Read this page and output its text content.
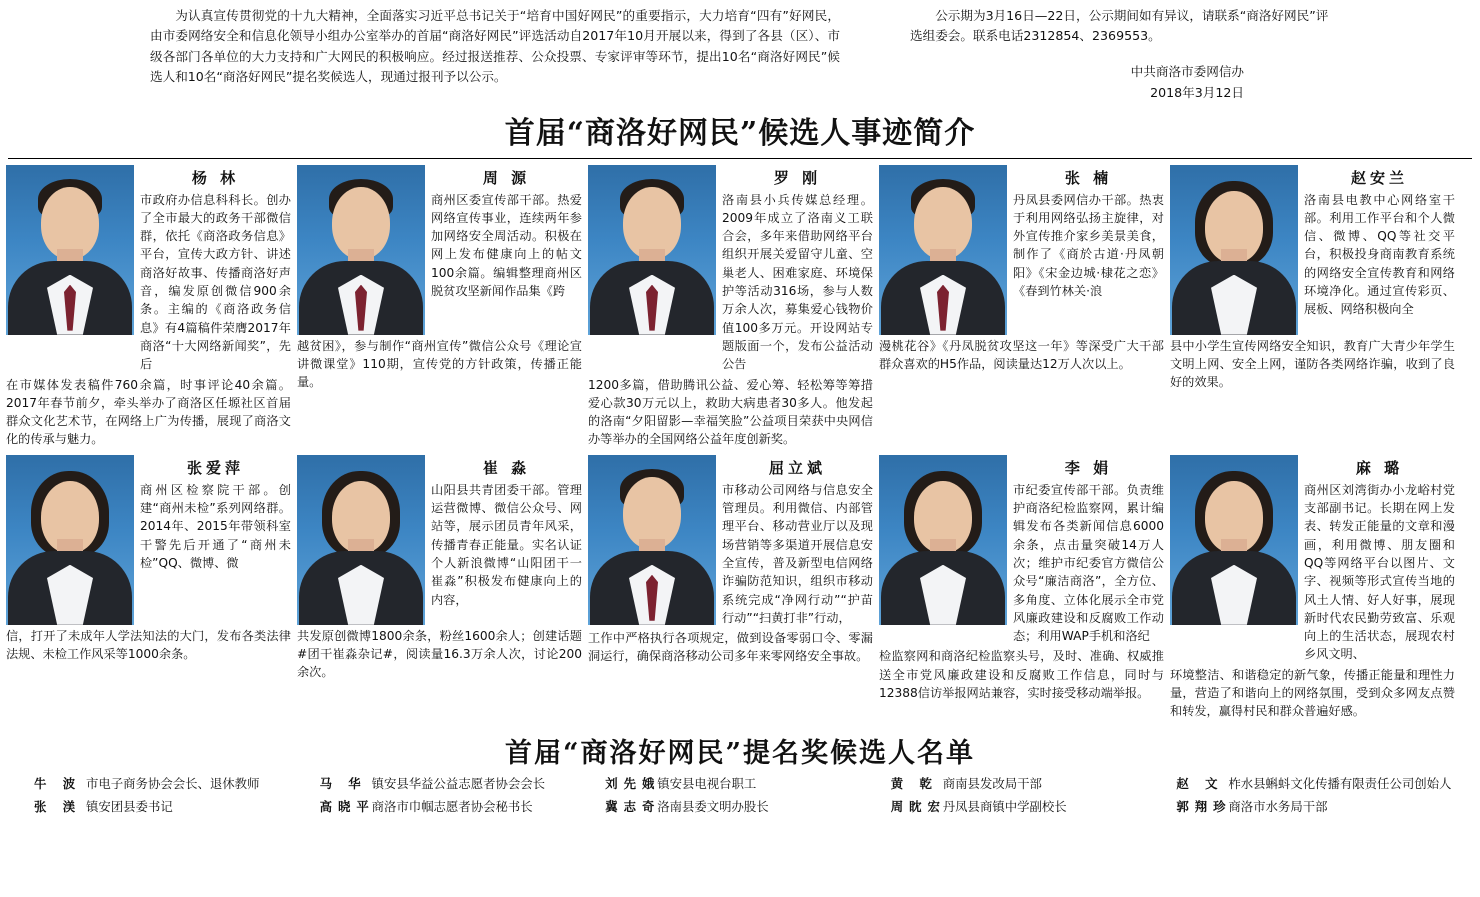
为认真宣传贯彻党的十九大精神，全面落实习近平总书记关于“培育中国好网民”的重要指示，大力培育“四有”好网民，由市委网络安全和信息化领导小组办公室举办的首届“商洛好网民”评选活动自2017年10月开展以来，得到了各县（区）、市级各部门各单位的大力支持和广大网民的积极响应。经过报送推荐、公众投票、专家评审等环节，提出10名“商洛好网民”候选人和10名“商洛好网民”提名奖候选人，现通过报刊予以公示。

公示期为3月16日—22日，公示期间如有异议，请联系“商洛好网民”评选组委会。联系电话2312854、2369553。

中共商洛市委网信办
2018年3月12日
首届“商洛好网民”候选人事迹简介
杨 林
市政府办信息科科长。创办了全市最大的政务干部微信群，依托《商洛政务信息》平台，宣传大政方针、讲述商洛好故事、传播商洛好声音，编发原创微信900余条。主编的《商洛政务信息》有4篇稿件荣膺2017年商洛“十大网络新闻奖”，先后
在市媒体发表稿件760余篇，时事评论40余篇。2017年春节前夕，牵头举办了商洛区任塬社区首届群众文化艺术节，在网络上广为传播，展现了商洛文化的传承与魅力。
周 源
商州区委宣传部干部。热爱网络宣传事业，连续两年参加网络安全周活动。积极在网上发布健康向上的帖文100余篇。编辑整理商州区脱贫攻坚新闻作品集《跨
越贫困》，参与制作“商州宣传”微信公众号《理论宣讲微课堂》110期，宣传党的方针政策，传播正能量。
罗 刚
洛南县小兵传媒总经理。2009年成立了洛南义工联合会，多年来借助网络平台组织开展关爱留守儿童、空巢老人、困难家庭、环境保护等活动316场，参与人数万余人次，募集爱心钱物价值100多万元。开设网站专题版面一个，发布公益活动公告
1200多篇，借助腾讯公益、爱心筹、轻松筹等筹措爱心款30万元以上，救助大病患者30多人。他发起的洛南“夕阳留影—幸福笑脸”公益项目荣获中央网信办等举办的全国网络公益年度创新奖。
张 楠
丹凤县委网信办干部。热衷于利用网络弘扬主旋律，对外宣传推介家乡美景美食，制作了《商於古道·丹凤朝阳》《宋金边城·棣花之恋》《春到竹林关·浪
漫桃花谷》《丹凤脱贫攻坚这一年》等深受广大干部群众喜欢的H5作品，阅读量达12万人次以上。
赵安兰
洛南县电教中心网络室干部。利用工作平台和个人微信、微博、QQ等社交平台，积极投身商南教育系统的网络安全宣传教育和网络环境净化。通过宣传彩页、展板、网络积极向全
县中小学生宣传网络安全知识，教育广大青少年学生文明上网、安全上网，谨防各类网络诈骗，收到了良好的效果。
张爱萍
商州区检察院干部。创建“商州未检”系列网络群。2014年、2015年带领科室干警先后开通了“商州未检”QQ、微博、微
信，打开了未成年人学法知法的大门，发布各类法律法规、未检工作风采等1000余条。
崔 淼
山阳县共青团委干部。管理运营微博、微信公众号、网站等，展示团员青年风采，传播青春正能量。实名认证个人新浪微博“山阳团干一崔淼”积极发布健康向上的内容，
共发原创微博1800余条，粉丝1600余人；创建话题#团干崔淼杂记#，阅读量16.3万余人次，讨论200余次。
屈立斌
市移动公司网络与信息安全管理员。利用微信、内部管理平台、移动营业厅以及现场营销等多渠道开展信息安全宣传，普及新型电信网络诈骗防范知识，组织市移动系统完成“净网行动”“护苗行动”“扫黄打非”行动，
工作中严格执行各项规定，做到设备零弱口令、零漏洞运行，确保商洛移动公司多年来零网络安全事故。
李 娟
市纪委宣传部干部。负责维护商洛纪检监察网，累计编辑发布各类新闻信息6000余条，点击量突破14万人次；维护市纪委官方微信公众号“廉洁商洛”，全方位、多角度、立体化展示全市党风廉政建设和反腐败工作动态；利用WAP手机和洛纪
检监察网和商洛纪检监察头号，及时、准确、权威推送全市党风廉政建设和反腐败工作信息，同时与12388信访举报网站兼容，实时接受移动端举报。
麻 璐
商州区刘湾街办小龙峪村党支部副书记。长期在网上发表、转发正能量的文章和漫画，利用微博、朋友圈和QQ等网络平台以图片、文字、视频等形式宣传当地的风土人情、好人好事，展现新时代农民勤劳致富、乐观向上的生活状态，展现农村乡风文明、
环境整洁、和谐稳定的新气象，传播正能量和理性力量，营造了和谐向上的网络氛围，受到众多网友点赞和转发，赢得村民和群众普遍好感。
首届“商洛好网民”提名奖候选人名单
牛 波 市电子商务协会会长、退休教师
张 渼 镇安团县委书记
马 华 镇安县华益公益志愿者协会会长
高晓平
商洛市巾帼志愿者协会秘书长
刘先娥
镇安县电视台职工
冀志奇
洛南县委文明办股长
黄 乾 商南县发改局干部
周眈宏
丹凤县商镇中学副校长
赵 文 柞水县蝌蚪文化传播有限责任公司创始人
郭翔珍
商洛市水务局干部
